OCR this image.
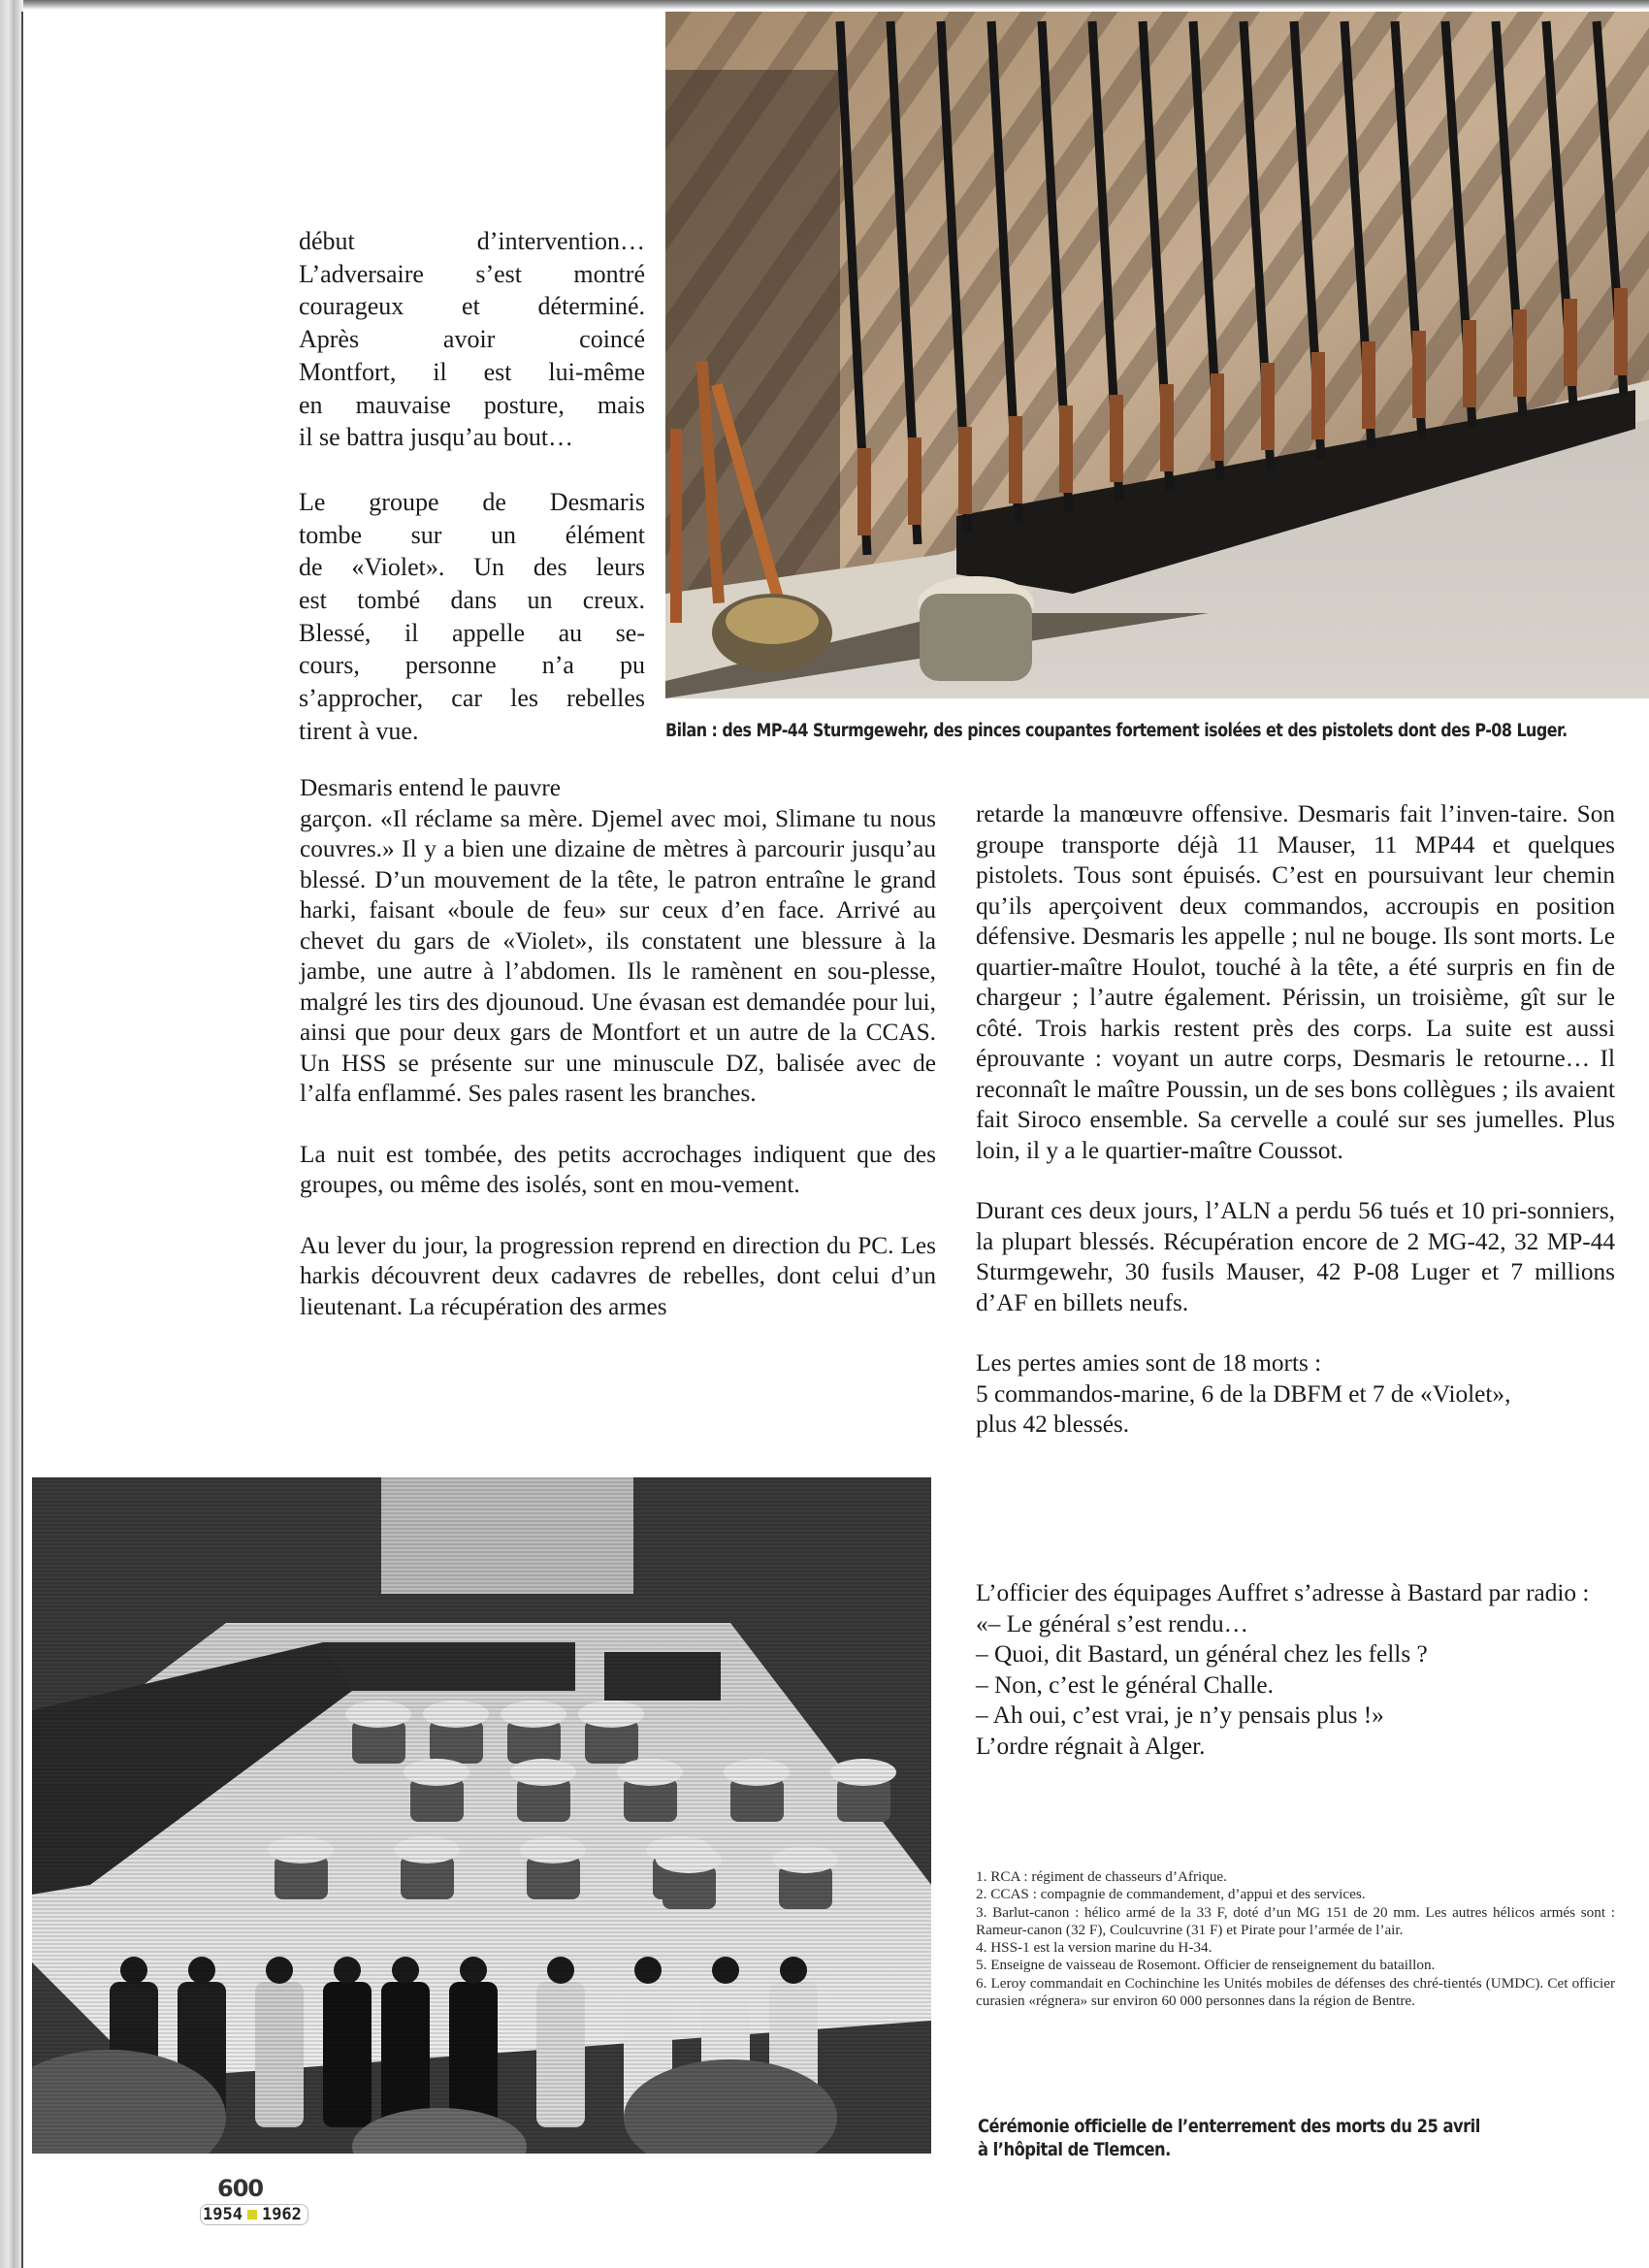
Bilan : des MP-44 Sturmgewehr, des pinces coupantes fortement isolées et des pistolets dont des P-08 Luger.

début d’intervention…
L’adversaire s’est montré
courageux et déterminé.
Après avoir coincé
Montfort, il est lui-même
en mauvaise posture, mais
il se battra jusqu’au bout…

Le groupe de Desmaris
tombe sur un élément
de «Violet». Un des leurs
est tombé dans un creux.
Blessé, il appelle au se-
cours, personne n’a pu
s’approcher, car les rebelles
tirent à vue.

Desmaris entend le pauvre

garçon. «Il réclame sa mère. Djemel avec moi, Slimane tu nous couvres.» Il y a bien une dizaine de mètres à parcourir jusqu’au blessé. D’un mouvement de la tête, le patron entraîne le grand harki, faisant «boule de feu» sur ceux d’en face. Arrivé au chevet du gars de «Violet», ils constatent une blessure à la jambe, une autre à l’abdomen. Ils le ramènent en sou-plesse, malgré les tirs des djounoud. Une évasan est demandée pour lui, ainsi que pour deux gars de Montfort et un autre de la CCAS. Un HSS se présente sur une minuscule DZ, balisée avec de l’alfa enflammé. Ses pales rasent les branches.

La nuit est tombée, des petits accrochages indiquent que des groupes, ou même des isolés, sont en mou-vement.

Au lever du jour, la progression reprend en direction du PC. Les harkis découvrent deux cadavres de rebelles, dont celui d’un lieutenant. La récupération des armes

retarde la manœuvre offensive. Desmaris fait l’inven-taire. Son groupe transporte déjà 11 Mauser, 11 MP44 et quelques pistolets. Tous sont épuisés. C’est en poursuivant leur chemin qu’ils aperçoivent deux commandos, accroupis en position défensive. Desmaris les appelle ; nul ne bouge. Ils sont morts. Le quartier-maître Houlot, touché à la tête, a été surpris en fin de chargeur ; l’autre également. Périssin, un troisième, gît sur le côté. Trois harkis restent près des corps. La suite est aussi éprouvante : voyant un autre corps, Desmaris le retourne… Il reconnaît le maître Poussin, un de ses bons collègues ; ils avaient fait Siroco ensemble. Sa cervelle a coulé sur ses jumelles. Plus loin, il y a le quartier-maître Coussot.

Durant ces deux jours, l’ALN a perdu 56 tués et 10 pri-sonniers, la plupart blessés. Récupération encore de 2 MG-42, 32 MP-44 Sturmgewehr, 30 fusils Mauser, 42 P-08 Luger et 7 millions d’AF en billets neufs.

Les pertes amies sont de 18 morts :
5 commandos-marine, 6 de la DBFM et 7 de «Violet»,
plus 42 blessés.

L’officier des équipages Auffret s’adresse à Bastard par radio :
«– Le général s’est rendu…
– Quoi, dit Bastard, un général chez les fells ?
– Non, c’est le général Challe.
– Ah oui, c’est vrai, je n’y pensais plus !»
L’ordre régnait à Alger.
1. RCA : régiment de chasseurs d’Afrique.
2. CCAS : compagnie de commandement, d’appui et des services.
3. Barlut-canon : hélico armé de la 33 F, doté d’un MG 151 de 20 mm. Les autres hélicos armés sont : Rameur-canon (32 F), Coulcuvrine (31 F) et Pirate pour l’armée de l’air.
4. HSS-1 est la version marine du H-34.
5. Enseigne de vaisseau de Rosemont. Officier de renseignement du bataillon.
6. Leroy commandait en Cochinchine les Unités mobiles de défenses des chré-tientés (UMDC). Cet officier curasien «régnera» sur environ 60 000 personnes dans la région de Bentre.
Cérémonie officielle de l’enterrement des morts du 25 avril
à l’hôpital de Tlemcen.
600
1954 1962
